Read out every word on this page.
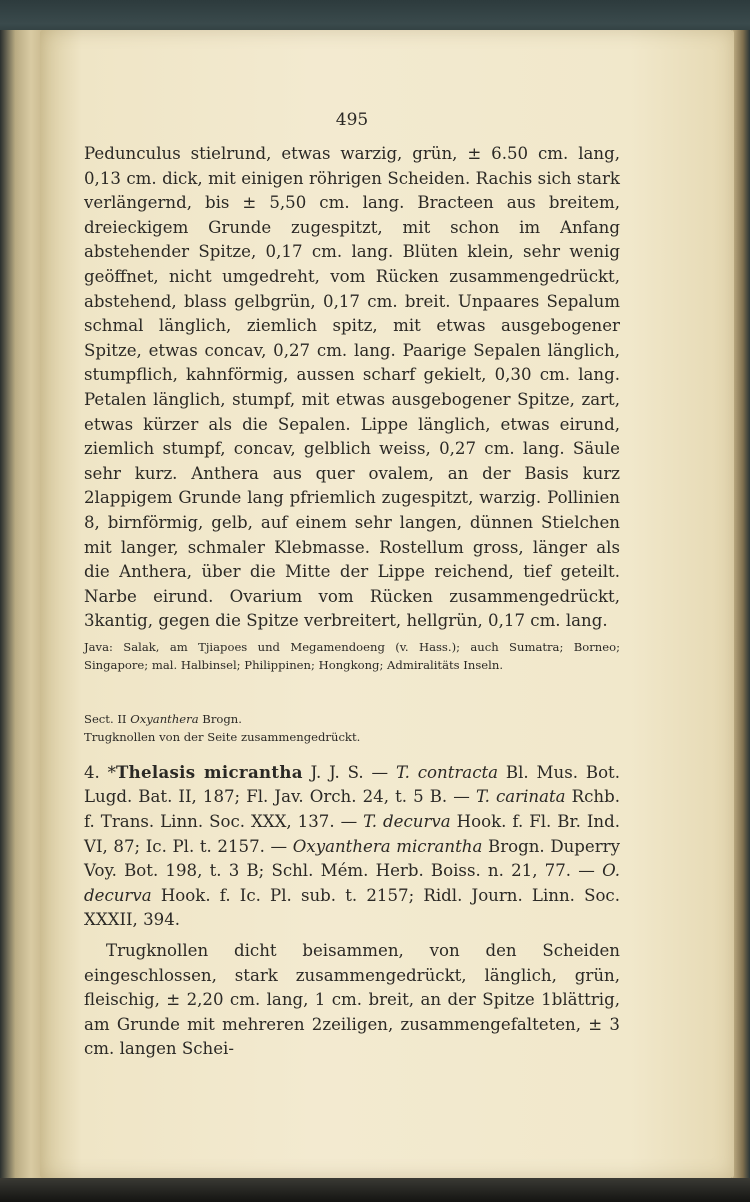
495

Pedunculus stielrund, etwas warzig, grün, ± 6.50 cm. lang, 0,13 cm. dick, mit einigen röhrigen Scheiden. Rachis sich stark verlängernd, bis ± 5,50 cm. lang. Bracteen aus breitem, dreieckigem Grunde zugespitzt, mit schon im Anfang abstehender Spitze, 0,17 cm. lang. Blüten klein, sehr wenig geöffnet, nicht umgedreht, vom Rücken zusammengedrückt, abstehend, blass gelbgrün, 0,17 cm. breit. Unpaares Sepalum schmal länglich, ziemlich spitz, mit etwas ausgebogener Spitze, etwas concav, 0,27 cm. lang. Paarige Sepalen länglich, stumpflich, kahnförmig, aussen scharf gekielt, 0,30 cm. lang. Petalen länglich, stumpf, mit etwas ausgebogener Spitze, zart, etwas kürzer als die Sepalen. Lippe länglich, etwas eirund, ziemlich stumpf, concav, gelblich weiss, 0,27 cm. lang. Säule sehr kurz. Anthera aus quer ovalem, an der Basis kurz 2lappigem Grunde lang pfriemlich zugespitzt, warzig. Pollinien 8, birnförmig, gelb, auf einem sehr langen, dünnen Stielchen mit langer, schmaler Klebmasse. Rostellum gross, länger als die Anthera, über die Mitte der Lippe reichend, tief geteilt. Narbe eirund. Ovarium vom Rücken zusammengedrückt, 3kantig, gegen die Spitze verbreitert, hellgrün, 0,17 cm. lang.

Java: Salak, am Tjiapoes und Megamendoeng (v. Hass.); auch Sumatra; Borneo; Singapore; mal. Halbinsel; Philippinen; Hongkong; Admiralitäts Inseln.

Sect. II Oxyanthera Brogn.
Trugknollen von der Seite zusammengedrückt.

4. *Thelasis micrantha J. J. S. — T. contracta Bl. Mus. Bot. Lugd. Bat. II, 187; Fl. Jav. Orch. 24, t. 5 B. — T. carinata Rchb. f. Trans. Linn. Soc. XXX, 137. — T. decurva Hook. f. Fl. Br. Ind. VI, 87; Ic. Pl. t. 2157. — Oxyanthera micrantha Brogn. Duperry Voy. Bot. 198, t. 3 B; Schl. Mém. Herb. Boiss. n. 21, 77. — O. decurva Hook. f. Ic. Pl. sub. t. 2157; Ridl. Journ. Linn. Soc. XXXII, 394.

Trugknollen dicht beisammen, von den Scheiden eingeschlossen, stark zusammengedrückt, länglich, grün, fleischig, ± 2,20 cm. lang, 1 cm. breit, an der Spitze 1blättrig, am Grunde mit mehreren 2zeiligen, zusammengefalteten, ± 3 cm. langen Schei-
